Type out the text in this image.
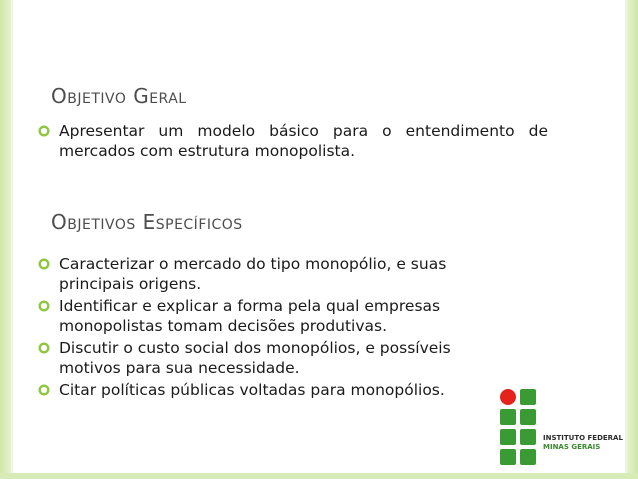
Objetivo Geral
Apresentar um modelo básico para o entendimento de mercados com estrutura monopolista.
Objetivos Específicos
Caracterizar o mercado do tipo monopólio, e suas principais origens.
Identificar e explicar a forma pela qual empresas monopolistas tomam decisões produtivas.
Discutir o custo social dos monopólios, e possíveis motivos para sua necessidade.
Citar políticas públicas voltadas para monopólios.
INSTITUTO FEDERAL
MINAS GERAIS
